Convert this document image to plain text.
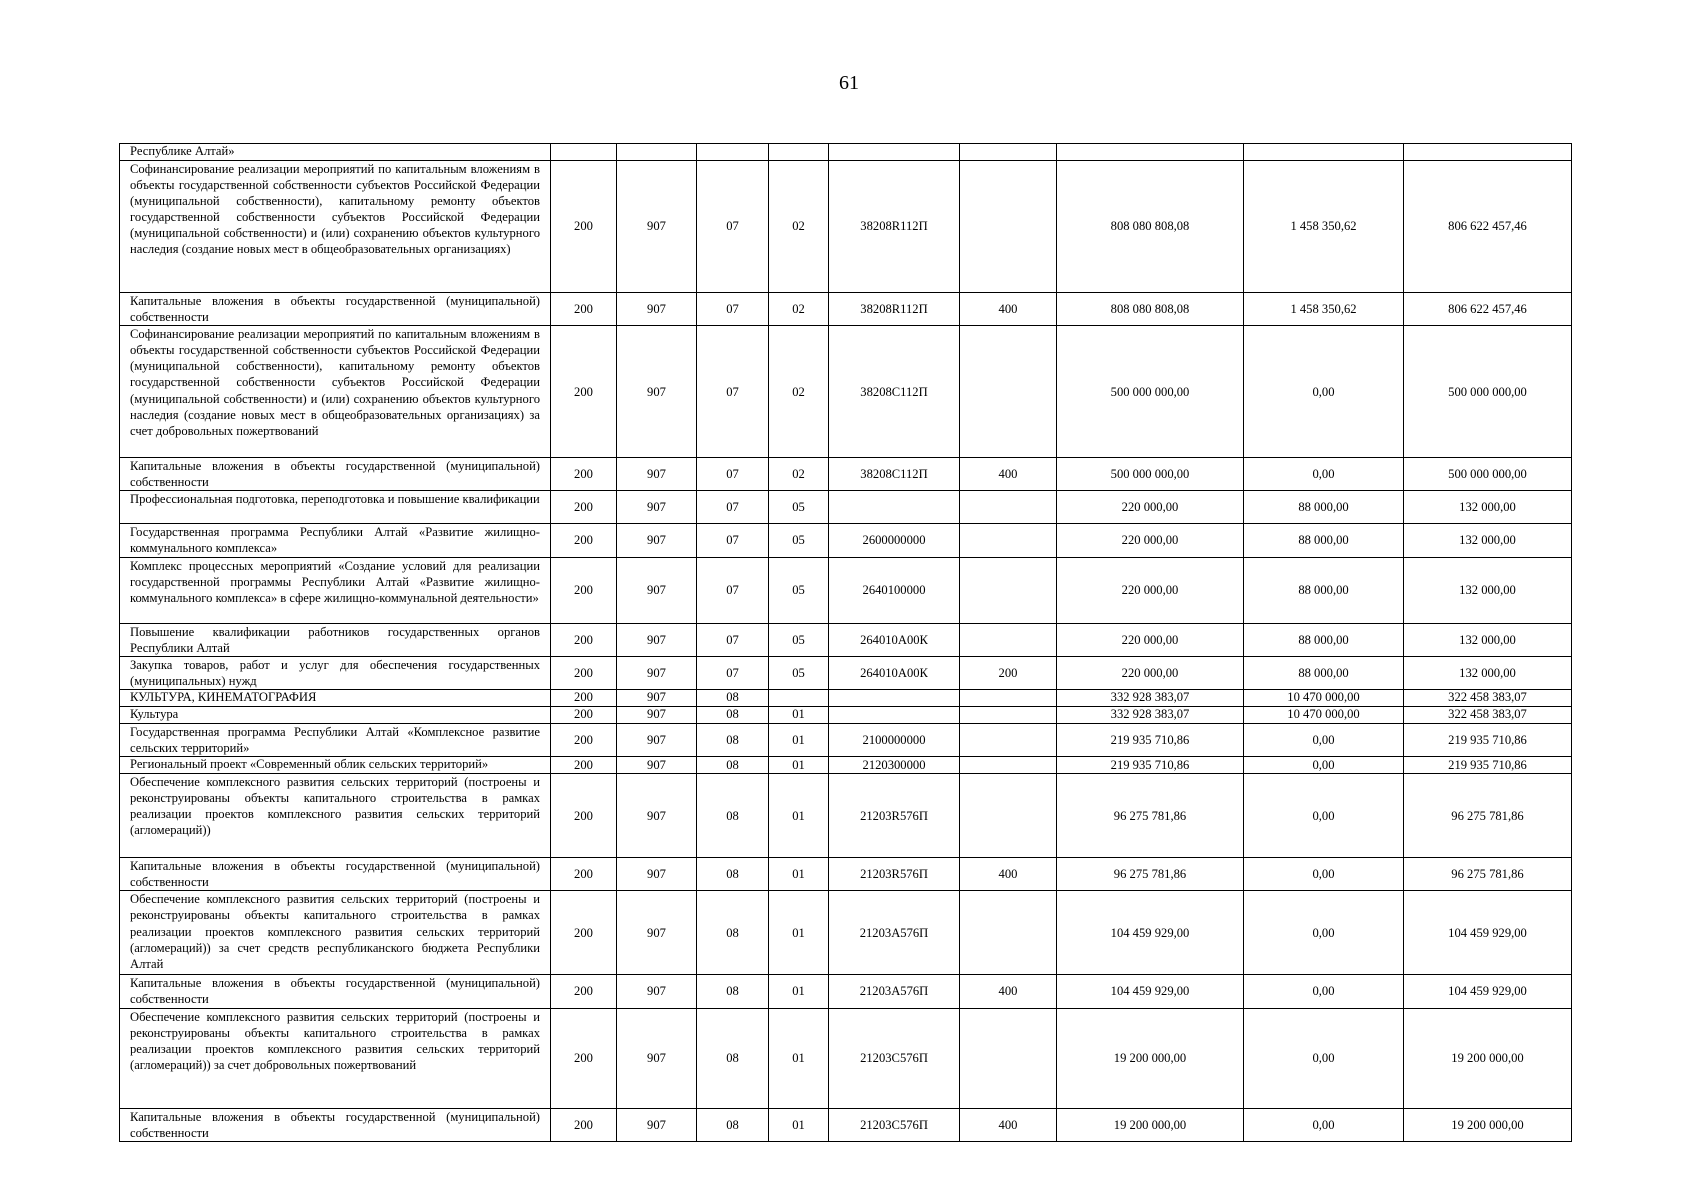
61
Республике Алтай»									
Софинансирование реализации мероприятий по капитальным вложениям в объекты государственной собственности субъектов Российской Федерации (муниципальной собственности), капитальному ремонту объектов государственной собственности субъектов Российской Федерации (муниципальной собственности) и (или) сохранению объектов культурного наследия (создание новых мест в общеобразовательных организациях)	200	907	07	02	38208R112П		808 080 808,08	1 458 350,62	806 622 457,46
Капитальные вложения в объекты государственной (муниципальной) собственности	200	907	07	02	38208R112П	400	808 080 808,08	1 458 350,62	806 622 457,46
Софинансирование реализации мероприятий по капитальным вложениям в объекты государственной собственности субъектов Российской Федерации (муниципальной собственности), капитальному ремонту объектов государственной собственности субъектов Российской Федерации (муниципальной собственности) и (или) сохранению объектов культурного наследия (создание новых мест в общеобразовательных организациях) за счет добровольных пожертвований	200	907	07	02	38208С112П		500 000 000,00	0,00	500 000 000,00
Капитальные вложения в объекты государственной (муниципальной) собственности	200	907	07	02	38208С112П	400	500 000 000,00	0,00	500 000 000,00
Профессиональная подготовка, переподготовка и повышение квалификации	200	907	07	05			220 000,00	88 000,00	132 000,00
Государственная программа Республики Алтай «Развитие жилищно-коммунального комплекса»	200	907	07	05	2600000000		220 000,00	88 000,00	132 000,00
Комплекс процессных мероприятий «Создание условий для реализации государственной программы Республики Алтай «Развитие жилищно-коммунального комплекса» в сфере жилищно-коммунальной деятельности»	200	907	07	05	2640100000		220 000,00	88 000,00	132 000,00
Повышение квалификации работников государственных органов Республики Алтай	200	907	07	05	264010А00К		220 000,00	88 000,00	132 000,00
Закупка товаров, работ и услуг для обеспечения государственных (муниципальных) нужд	200	907	07	05	264010А00К	200	220 000,00	88 000,00	132 000,00
КУЛЬТУРА, КИНЕМАТОГРАФИЯ	200	907	08				332 928 383,07	10 470 000,00	322 458 383,07
Культура	200	907	08	01			332 928 383,07	10 470 000,00	322 458 383,07
Государственная программа Республики Алтай «Комплексное развитие сельских территорий»	200	907	08	01	2100000000		219 935 710,86	0,00	219 935 710,86
Региональный проект «Современный облик сельских территорий»	200	907	08	01	2120300000		219 935 710,86	0,00	219 935 710,86
Обеспечение комплексного развития сельских территорий (построены и реконструированы объекты капитального строительства в рамках реализации проектов комплексного развития сельских территорий (агломераций))	200	907	08	01	21203R576П		96 275 781,86	0,00	96 275 781,86
Капитальные вложения в объекты государственной (муниципальной) собственности	200	907	08	01	21203R576П	400	96 275 781,86	0,00	96 275 781,86
Обеспечение комплексного развития сельских территорий (построены и реконструированы объекты капитального строительства в рамках реализации проектов комплексного развития сельских территорий (агломераций)) за счет средств республиканского бюджета Республики Алтай	200	907	08	01	21203А576П		104 459 929,00	0,00	104 459 929,00
Капитальные вложения в объекты государственной (муниципальной) собственности	200	907	08	01	21203А576П	400	104 459 929,00	0,00	104 459 929,00
Обеспечение комплексного развития сельских территорий (построены и реконструированы объекты капитального строительства в рамках реализации проектов комплексного развития сельских территорий (агломераций)) за счет добровольных пожертвований	200	907	08	01	21203С576П		19 200 000,00	0,00	19 200 000,00
Капитальные вложения в объекты государственной (муниципальной) собственности	200	907	08	01	21203С576П	400	19 200 000,00	0,00	19 200 000,00
